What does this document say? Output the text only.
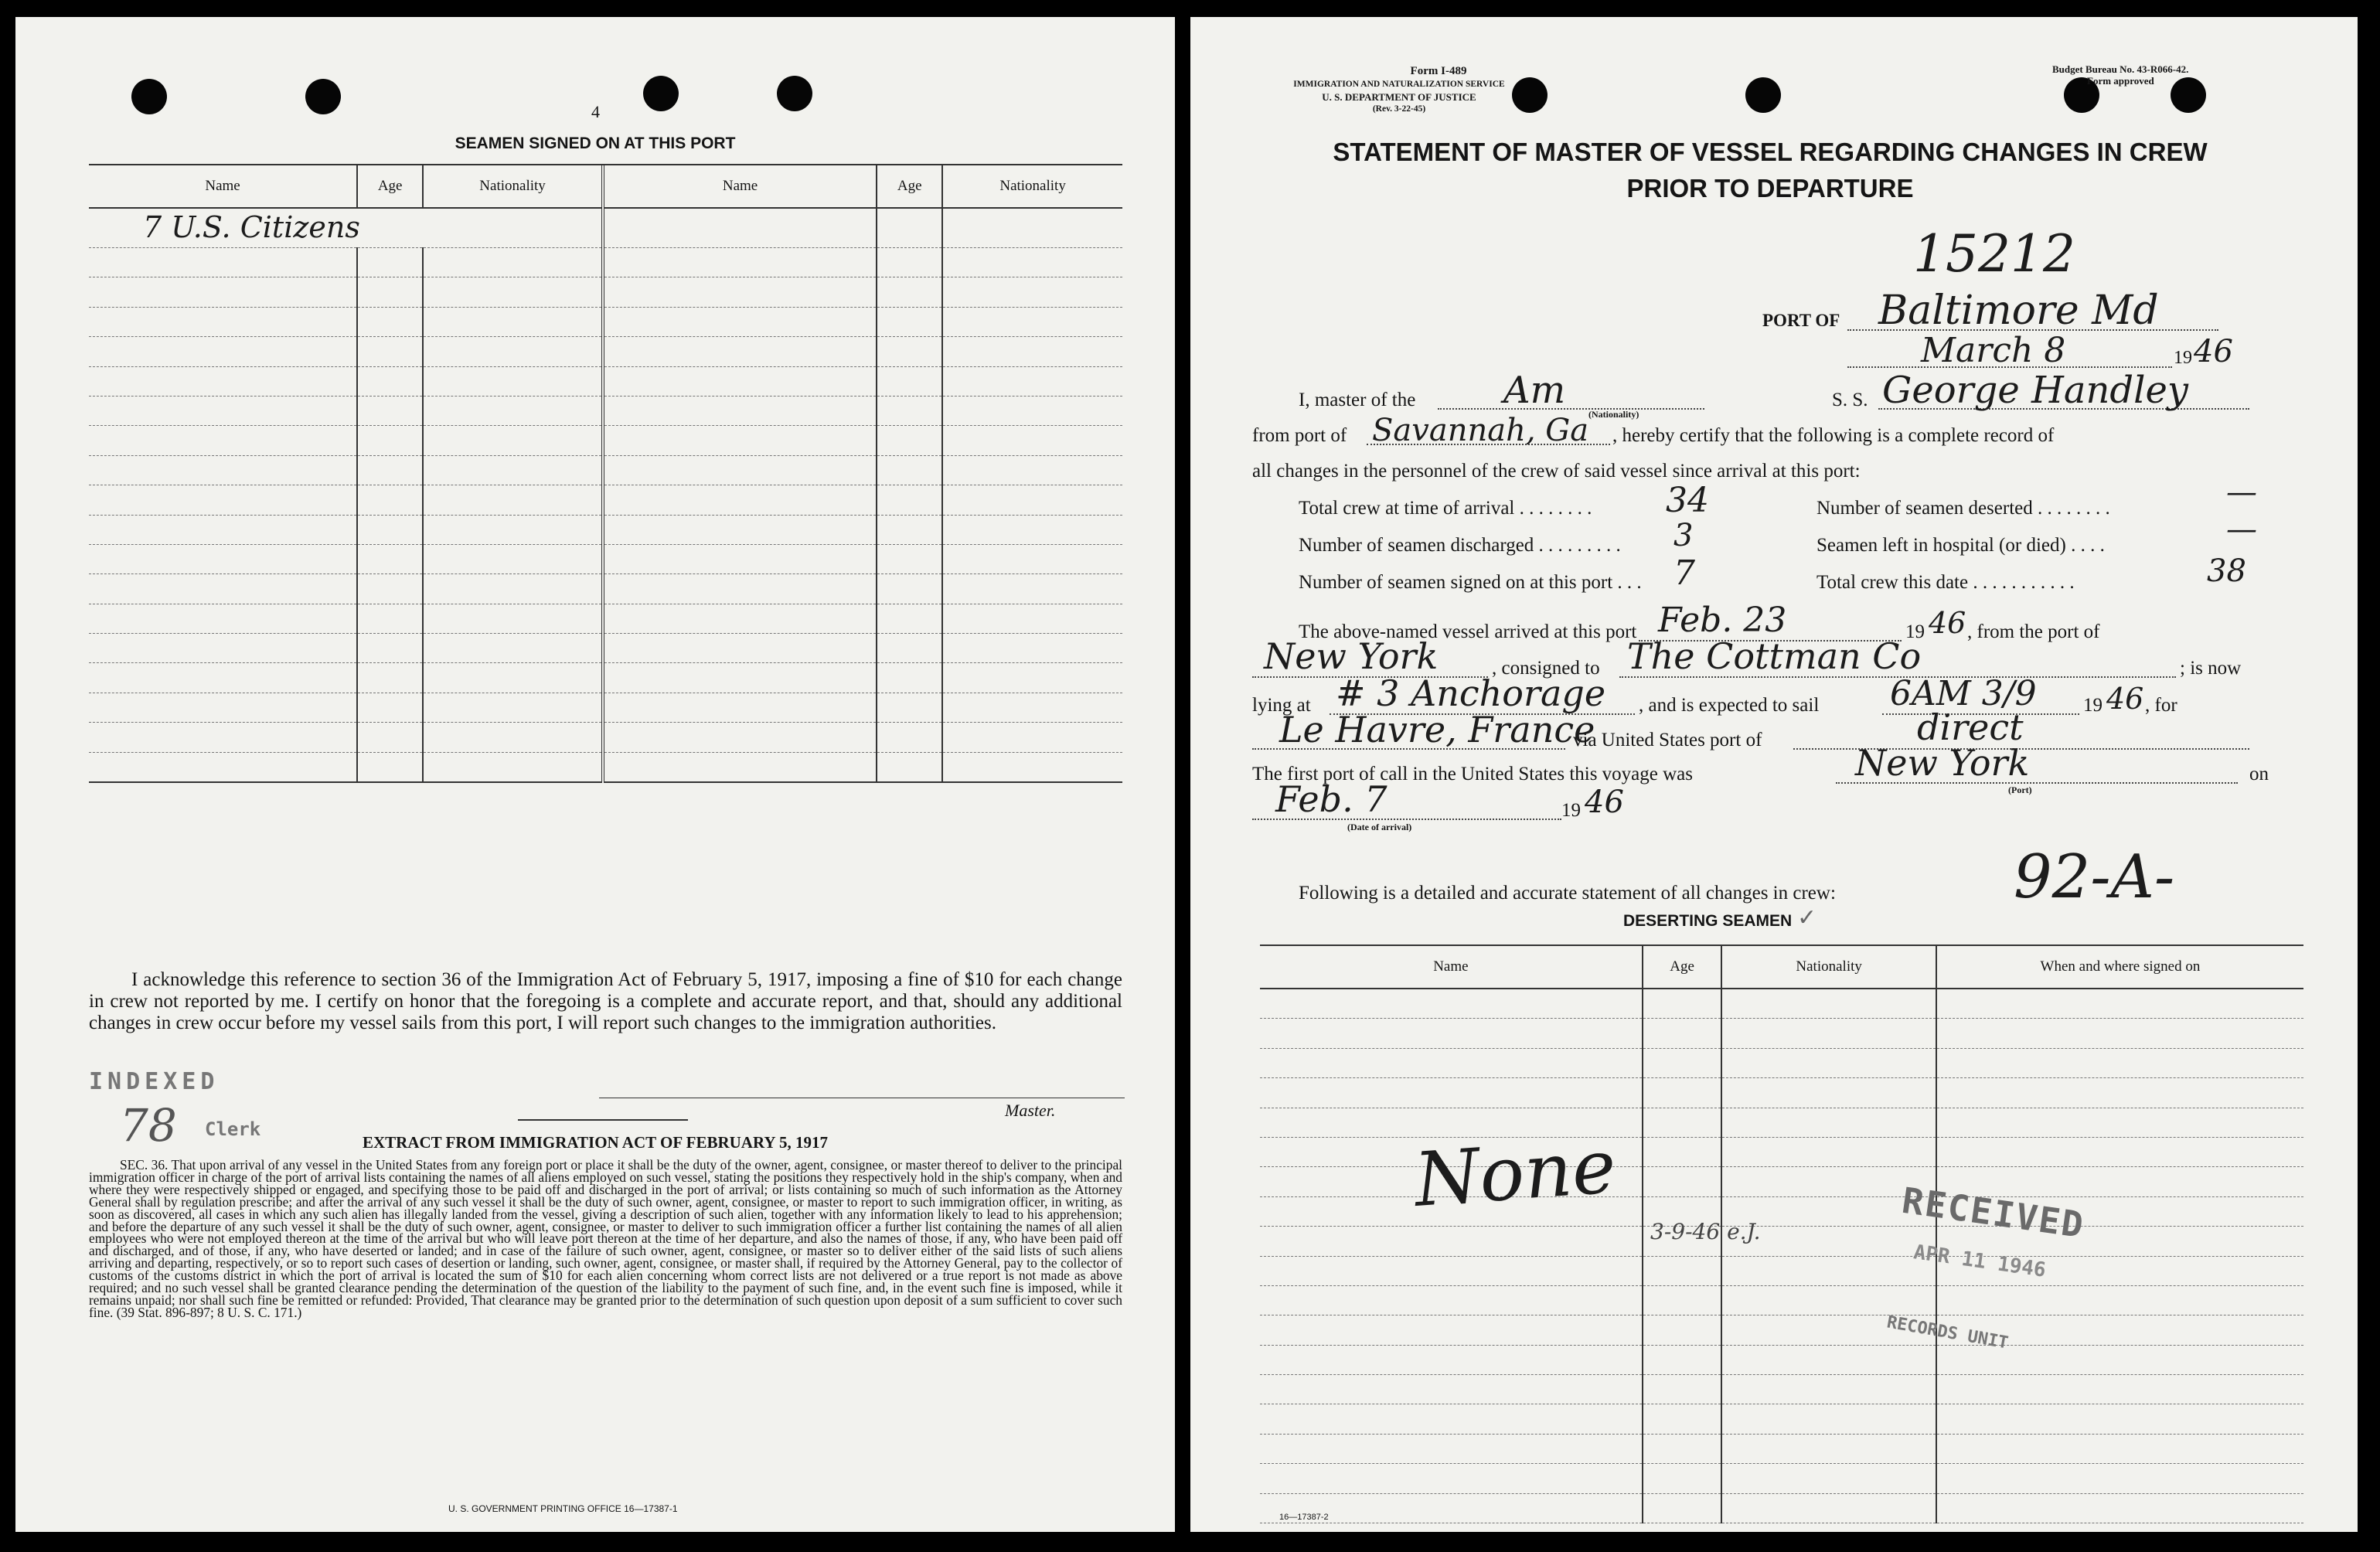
4
SEAMEN SIGNED ON AT THIS PORT
Name	Age	Nationality	Name	Age	Nationality

7 U.S. Citizens					

I acknowledge this reference to section 36 of the Immigration Act of February 5, 1917, imposing a fine of $10 for each change in crew not reported by me. I certify on honor that the foregoing is a complete and accurate report, and that, should any additional changes in crew occur before my vessel sails from this port, I will report such changes to the immigration authorities.
INDEXED
78 Clerk
Master.
EXTRACT FROM IMMIGRATION ACT OF FEBRUARY 5, 1917
SEC. 36. That upon arrival of any vessel in the United States from any foreign port or place it shall be the duty of the owner, agent, consignee, or master thereof to deliver to the principal immigration officer in charge of the port of arrival lists containing the names of all aliens employed on such vessel, stating the positions they respectively hold in the ship's company, when and where they were respectively shipped or engaged, and specifying those to be paid off and discharged in the port of arrival; or lists containing so much of such information as the Attorney General shall by regulation prescribe; and after the arrival of any such vessel it shall be the duty of such owner, agent, consignee, or master to report to such immigration officer, in writing, as soon as discovered, all cases in which any such alien has illegally landed from the vessel, giving a description of such alien, together with any information likely to lead to his apprehension; and before the departure of any such vessel it shall be the duty of such owner, agent, consignee, or master to deliver to such immigration officer a further list containing the names of all alien employees who were not employed thereon at the time of the arrival but who will leave port thereon at the time of her departure, and also the names of those, if any, who have been paid off and discharged, and of those, if any, who have deserted or landed; and in case of the failure of such owner, agent, consignee, or master so to deliver either of the said lists of such aliens arriving and departing, respectively, or so to report such cases of desertion or landing, such owner, agent, consignee, or master shall, if required by the Attorney General, pay to the collector of customs of the customs district in which the port of arrival is located the sum of $10 for each alien concerning whom correct lists are not delivered or a true report is not made as above required; and no such vessel shall be granted clearance pending the determination of the question of the liability to the payment of such fine, and, in the event such fine is imposed, while it remains unpaid; nor shall such fine be remitted or refunded: Provided, That clearance may be granted prior to the determination of such question upon deposit of a sum sufficient to cover such fine. (39 Stat. 896-897; 8 U. S. C. 171.)
U. S. GOVERNMENT PRINTING OFFICE 16—17387-1
Form I-489
IMMIGRATION AND NATURALIZATION SERVICE
U. S. DEPARTMENT OF JUSTICE
(Rev. 3-22-45)
Budget Bureau No. 43-R066-42.
Form approved
STATEMENT OF MASTER OF VESSEL REGARDING CHANGES IN CREW
PRIOR TO DEPARTURE
15212
PORT OF Baltimore Md
March 8	19 46
I, master of the Am
(Nationality)
S. S. George Handley
from port of Savannah, Ga , hereby certify that the following is a complete record of
all changes in the personnel of the crew of said vessel since arrival at this port:
Total crew at time of arrival . . . . . . . . 34
Number of seamen discharged . . . . . . . . . 3
Number of seamen signed on at this port . . . 7
Number of seamen deserted . . . . . . . .	—
Seamen left in hospital (or died) . . . .	—
Total crew this date . . . . . . . . . . .	38
The above-named vessel arrived at this port Feb. 23	19 46 , from the port of
New York	, consigned to The Cottman Co	; is now
lying at # 3 Anchorage , and is expected to sail 6AM 3/9 19 46 , for
Le Havre, France
via United States port of	direct
The first port of call in the United States this voyage was	New York
(Port)
on
Feb. 7	19 46
(Date of arrival)
Following is a detailed and accurate statement of all changes in crew:	92-A-
DESERTING SEAMEN ✓
Name	Age	Nationality	When and where signed on

None
3-9-46 e.J.	RECEIVED
APR 11 1946
RECORDS UNIT
16—17387-2
